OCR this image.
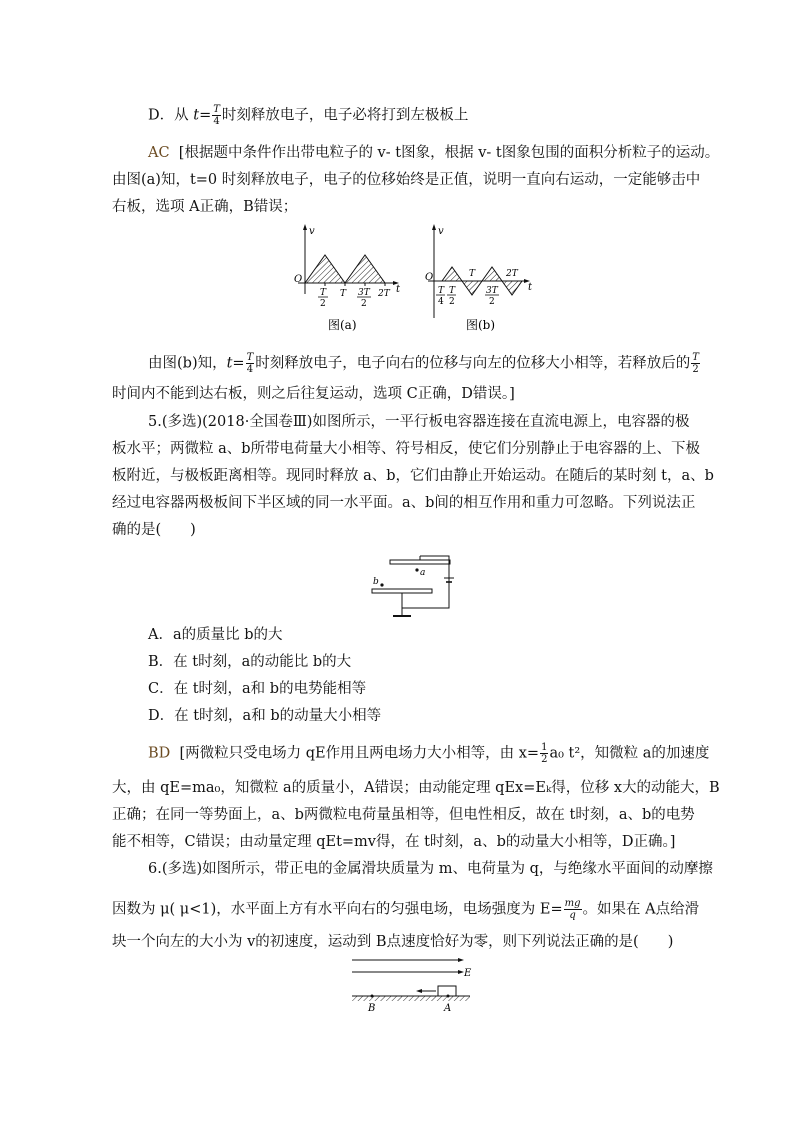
D．从 $t= \frac{T}{4}$ 时刻释放电子，电子必将打到左极板上
AC [根据题中条件作出带电粒子的 v- t图象，根据 v- t图象包围的面积分析粒子的运动。
由图(a)知，t=0 时刻释放电子，电子的位移始终是正值，说明一直向右运动，一定能够击中
右板，选项 A正确，B错误；
v
O
t
T
2
T 3T
2
2T
图(a)
v
O
t
T
4
T
2
T
3T
2
2T
图(b)
由图(b)知，$t= \frac{T}{4}$ 时刻释放电子，电子向右的位移与向左的位移大小相等，若释放后的 $\frac{T}{2}$
时间内不能到达右板，则之后往复运动，选项 C正确，D错误。]
5.(多选)(2018·全国卷Ⅲ)如图所示，一平行板电容器连接在直流电源上，电容器的极
板水平；两微粒 a、b所带电荷量大小相等、符号相反，使它们分别静止于电容器的上、下极
板附近，与极板距离相等。现同时释放 a、b，它们由静止开始运动。在随后的某时刻 t，a、b
经过电容器两极板间下半区域的同一水平面。a、b间的相互作用和重力可忽略。下列说法正
确的是(　　)
a
b
A．a的质量比 b的大
B．在 t时刻，a的动能比 b的大
C．在 t时刻，a和 b的电势能相等
D．在 t时刻，a和 b的动量大小相等
BD [两微粒只受电场力 qE作用且两电场力大小相等，由 $x= \frac{1}{2} a_0$ t²，知微粒 a的加速度
大，由 qE=ma₀，知微粒 a的质量小，A错误；由动能定理 qEx=Eₖ得，位移 x大的动能大，B
正确；在同一等势面上，a、b两微粒电荷量虽相等，但电性相反，故在 t时刻，a、b的电势
能不相等，C错误；由动量定理 qEt=mv得，在 t时刻，a、b的动量大小相等，D正确。]
6.(多选)如图所示，带正电的金属滑块质量为 m、电荷量为 q，与绝缘水平面间的动摩擦
因数为 μ( μ<1)，水平面上方有水平向右的匀强电场，电场强度为 $E= \frac{mg}{q}$ 。如果在 A点给滑
块一个向左的大小为 v的初速度，运动到 B点速度恰好为零，则下列说法正确的是(　　)
E
B	A
